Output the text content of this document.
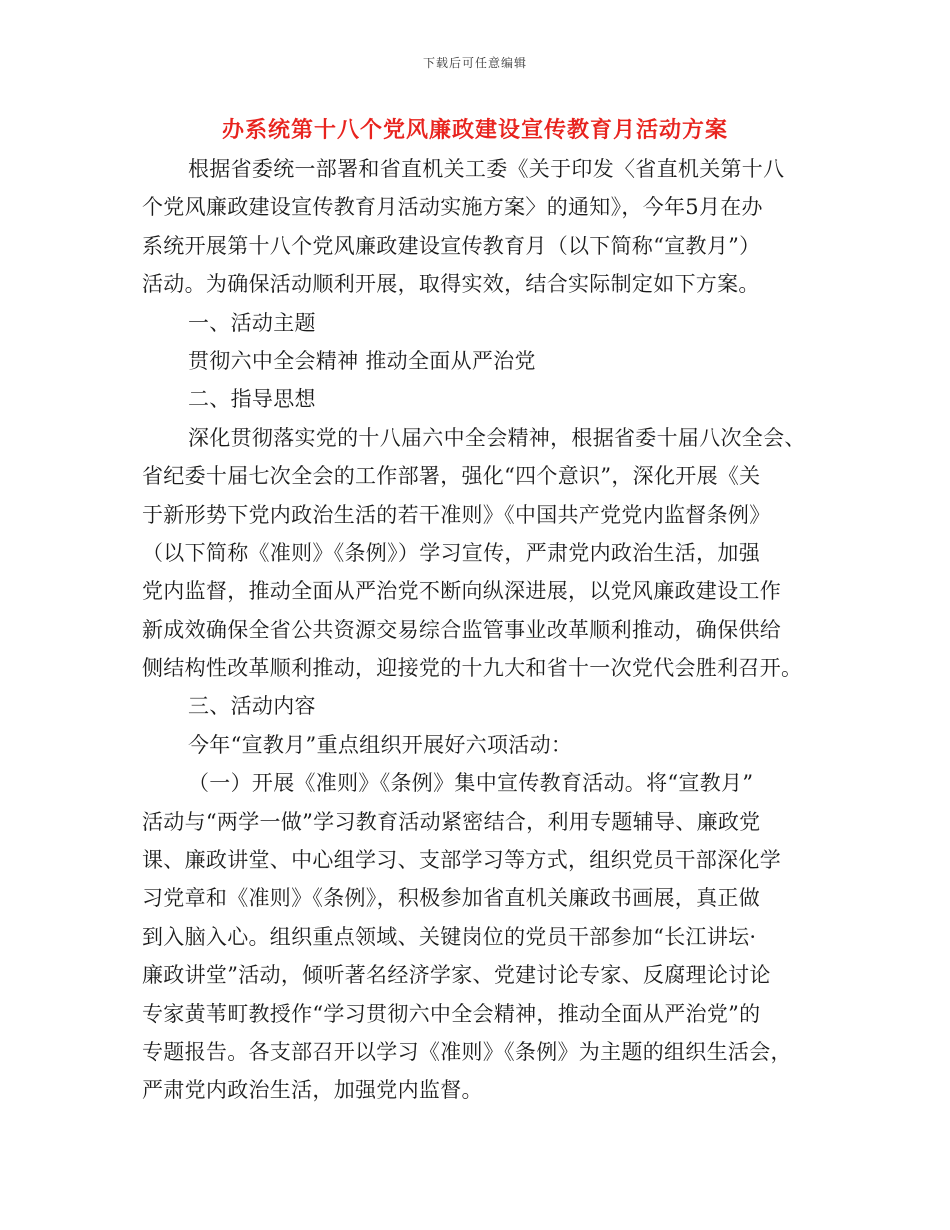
下载后可任意编辑
办系统第十八个党风廉政建设宣传教育月活动方案
根据省委统一部署和省直机关工委《关于印发〈省直机关第十八
个党风廉政建设宣传教育月活动实施方案〉的通知》，今年5月在办
系统开展第十八个党风廉政建设宣传教育月（以下简称“宣教月”）
活动。为确保活动顺利开展，取得实效，结合实际制定如下方案。
一、活动主题
贯彻六中全会精神 推动全面从严治党
二、指导思想
深化贯彻落实党的十八届六中全会精神，根据省委十届八次全会、
省纪委十届七次全会的工作部署，强化“四个意识”，深化开展《关
于新形势下党内政治生活的若干准则》《中国共产党党内监督条例》
（以下简称《准则》《条例》）学习宣传，严肃党内政治生活，加强
党内监督，推动全面从严治党不断向纵深进展，以党风廉政建设工作
新成效确保全省公共资源交易综合监管事业改革顺利推动，确保供给
侧结构性改革顺利推动，迎接党的十九大和省十一次党代会胜利召开。
三、活动内容
今年“宣教月”重点组织开展好六项活动：
（一）开展《准则》《条例》集中宣传教育活动。将“宣教月”
活动与“两学一做”学习教育活动紧密结合，利用专题辅导、廉政党
课、廉政讲堂、中心组学习、支部学习等方式，组织党员干部深化学
习党章和《准则》《条例》，积极参加省直机关廉政书画展，真正做
到入脑入心。组织重点领域、关键岗位的党员干部参加“长江讲坛·
廉政讲堂”活动，倾听著名经济学家、党建讨论专家、反腐理论讨论
专家黄苇町教授作“学习贯彻六中全会精神，推动全面从严治党”的
专题报告。各支部召开以学习《准则》《条例》为主题的组织生活会，
严肃党内政治生活，加强党内监督。
